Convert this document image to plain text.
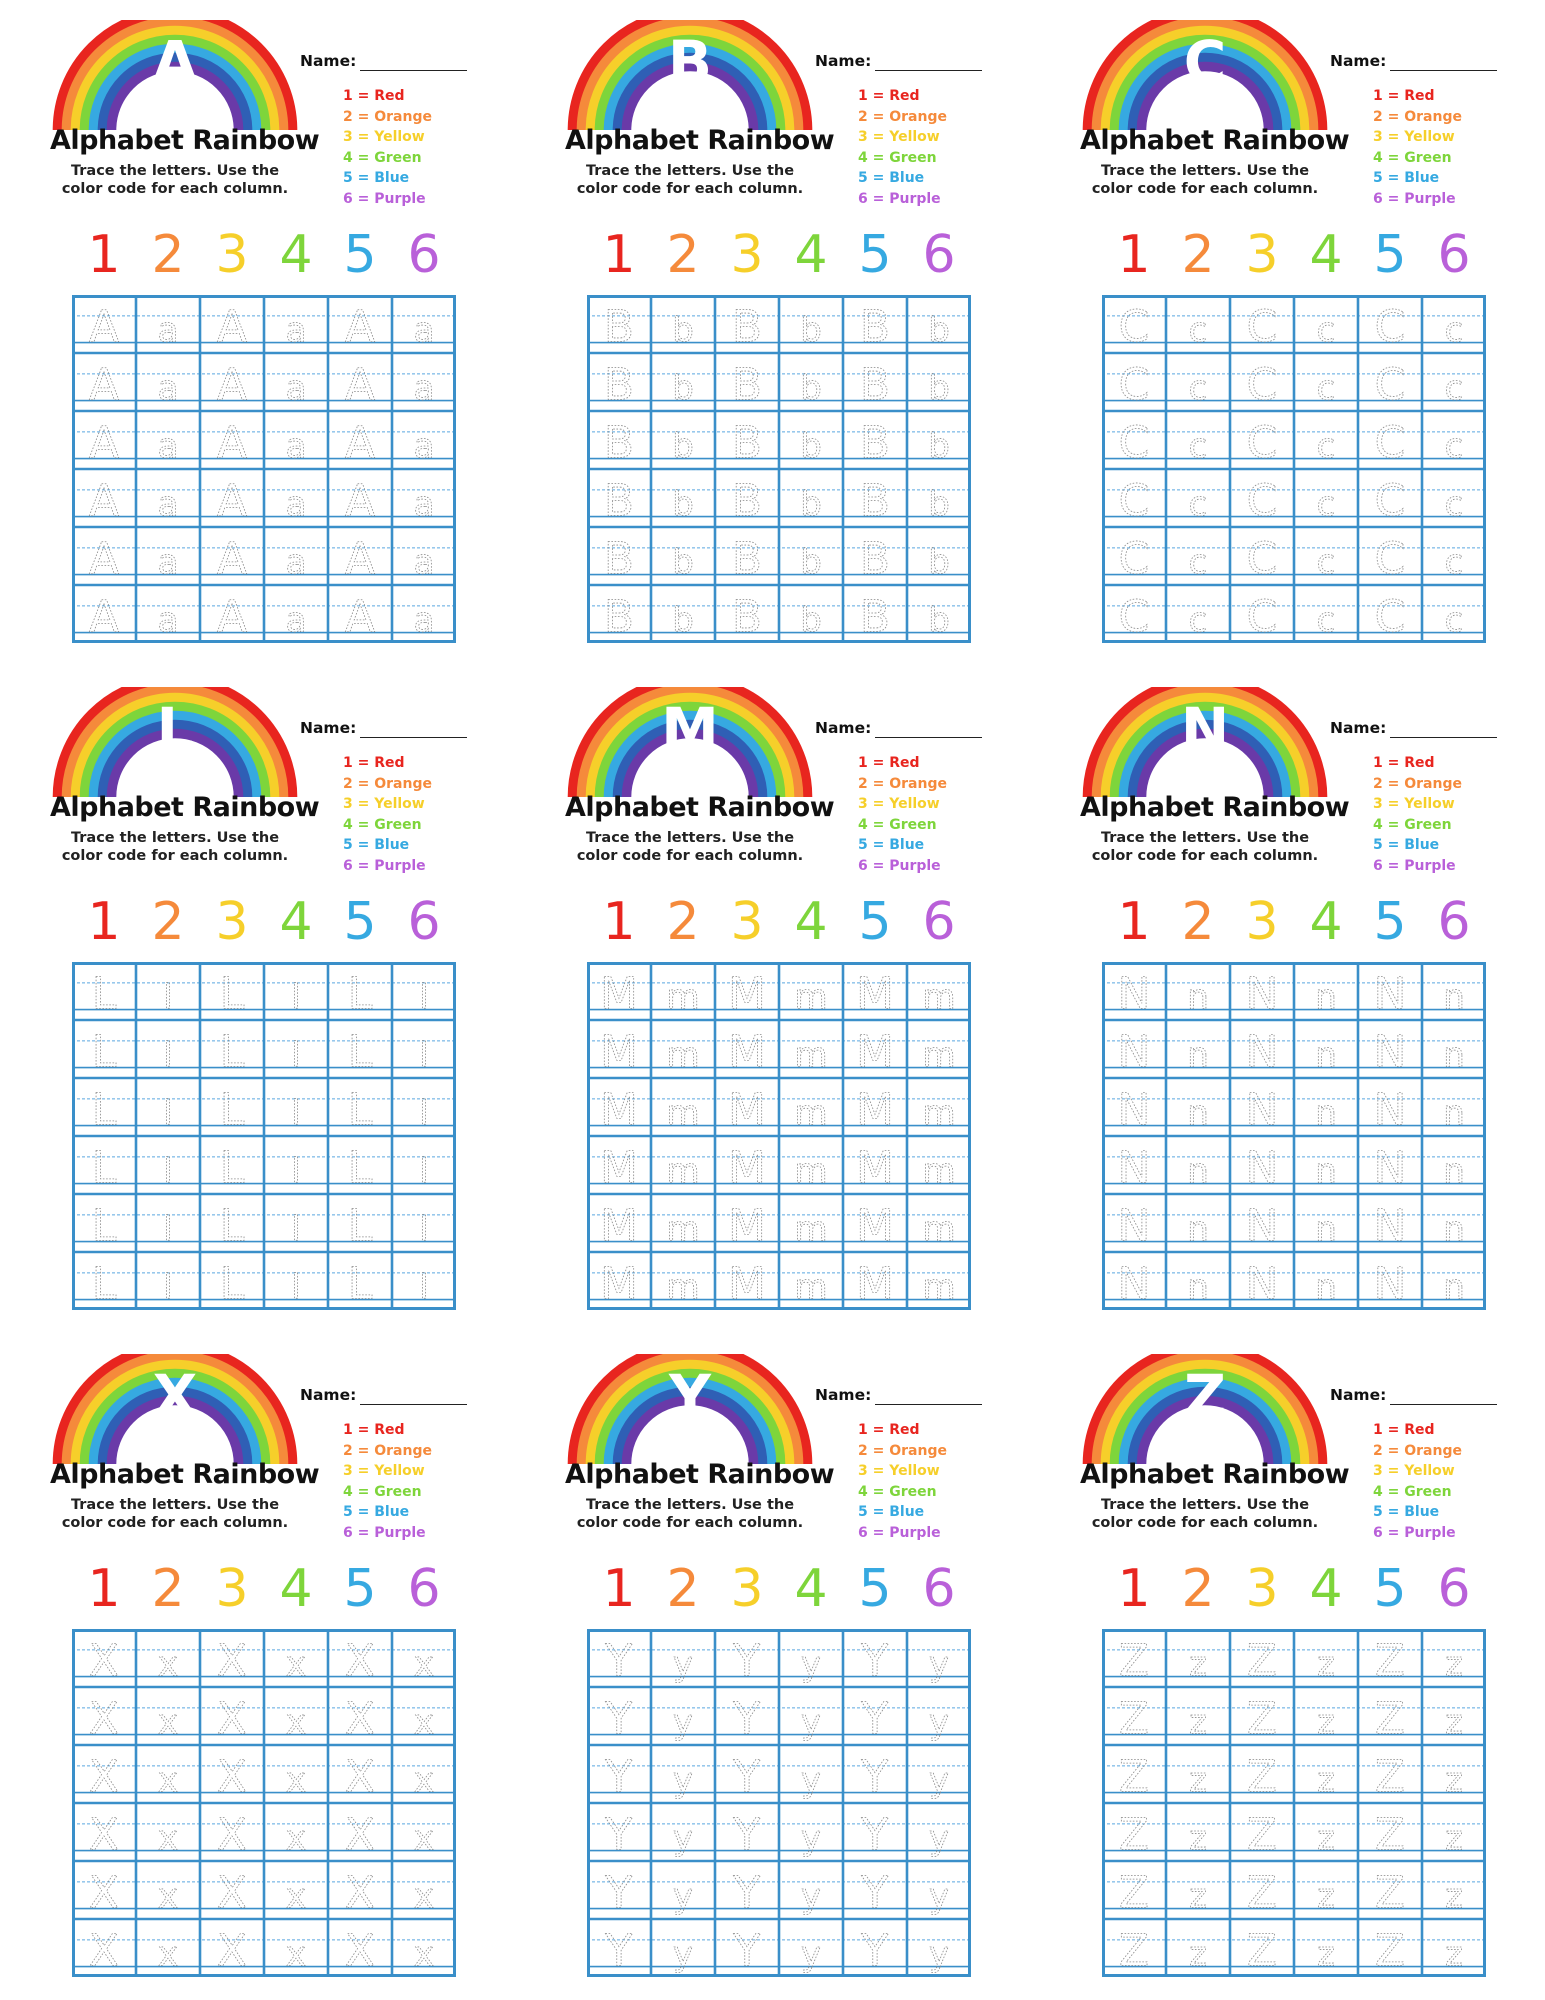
A
Alphabet Rainbow
Trace the letters. Use the
color code for each column.
Name:
1 = Red
2 = Orange
3 = Yellow
4 = Green
5 = Blue
6 = Purple
1 2 3 4 5 6
A a A a A a
A a A a A a
A a A a A a
A a A a A a
A a A a A a
A a A a A a
B
Alphabet Rainbow
Trace the letters. Use the
color code for each column.
Name:
1 = Red
2 = Orange
3 = Yellow
4 = Green
5 = Blue
6 = Purple
1 2 3 4 5 6
B b B b B b
B b B b B b
B b B b B b
B b B b B b
B b B b B b
B b B b B b
C
Alphabet Rainbow
Trace the letters. Use the
color code for each column.
Name:
1 = Red
2 = Orange
3 = Yellow
4 = Green
5 = Blue
6 = Purple
1 2 3 4 5 6
C c C c C c
C c C c C c
C c C c C c
C c C c C c
C c C c C c
C c C c C c
L
Alphabet Rainbow
Trace the letters. Use the
color code for each column.
Name:
1 = Red
2 = Orange
3 = Yellow
4 = Green
5 = Blue
6 = Purple
1 2 3 4 5 6
L l L l L l
L l L l L l
L l L l L l
L l L l L l
L l L l L l
L l L l L l
M
Alphabet Rainbow
Trace the letters. Use the
color code for each column.
Name:
1 = Red
2 = Orange
3 = Yellow
4 = Green
5 = Blue
6 = Purple
1 2 3 4 5 6
M m M m M m
M m M m M m
M m M m M m
M m M m M m
M m M m M m
M m M m M m
N
Alphabet Rainbow
Trace the letters. Use the
color code for each column.
Name:
1 = Red
2 = Orange
3 = Yellow
4 = Green
5 = Blue
6 = Purple
1 2 3 4 5 6
N n N n N n
N n N n N n
N n N n N n
N n N n N n
N n N n N n
N n N n N n
X
Alphabet Rainbow
Trace the letters. Use the
color code for each column.
Name:
1 = Red
2 = Orange
3 = Yellow
4 = Green
5 = Blue
6 = Purple
1 2 3 4 5 6
X x X x X x
X x X x X x
X x X x X x
X x X x X x
X x X x X x
X x X x X x
Y
Alphabet Rainbow
Trace the letters. Use the
color code for each column.
Name:
1 = Red
2 = Orange
3 = Yellow
4 = Green
5 = Blue
6 = Purple
1 2 3 4 5 6
Y y Y y Y y
Y y Y y Y y
Y y Y y Y y
Y y Y y Y y
Y y Y y Y y
Y y Y y Y y
Z
Alphabet Rainbow
Trace the letters. Use the
color code for each column.
Name:
1 = Red
2 = Orange
3 = Yellow
4 = Green
5 = Blue
6 = Purple
1 2 3 4 5 6
Z z Z z Z z
Z z Z z Z z
Z z Z z Z z
Z z Z z Z z
Z z Z z Z z
Z z Z z Z z
